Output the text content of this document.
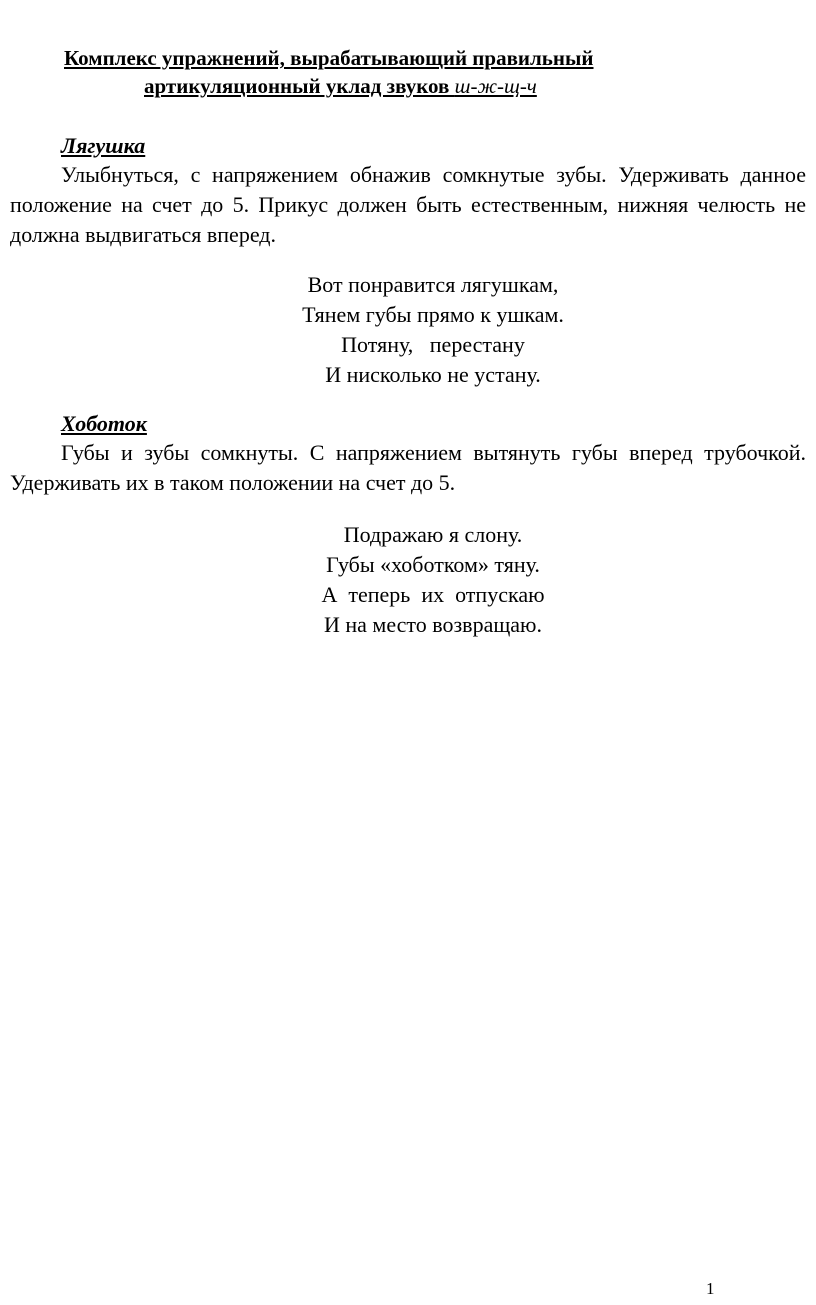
Комплекс упражнений, вырабатывающий правильный
артикуляционный уклад звуков ш-ж-щ-ч
Лягушка

Улыбнуться, с напряжением обнажив сомкнутые зубы. Удерживать данное положение на счет до 5. Прикус должен быть естественным, нижняя челюсть не должна выдвигаться вперед.

Вот понравится лягушкам,
Тянем губы прямо к ушкам.
Потяну,   перестану
И нисколько не устану.
Хоботок

Губы и зубы сомкнуты. С напряжением вытянуть губы вперед трубочкой. Удерживать их в таком положении на счет до 5.

Подражаю я слону.
Губы «хоботком» тяну.
А  теперь  их  отпускаю
И на место возвращаю.
1
